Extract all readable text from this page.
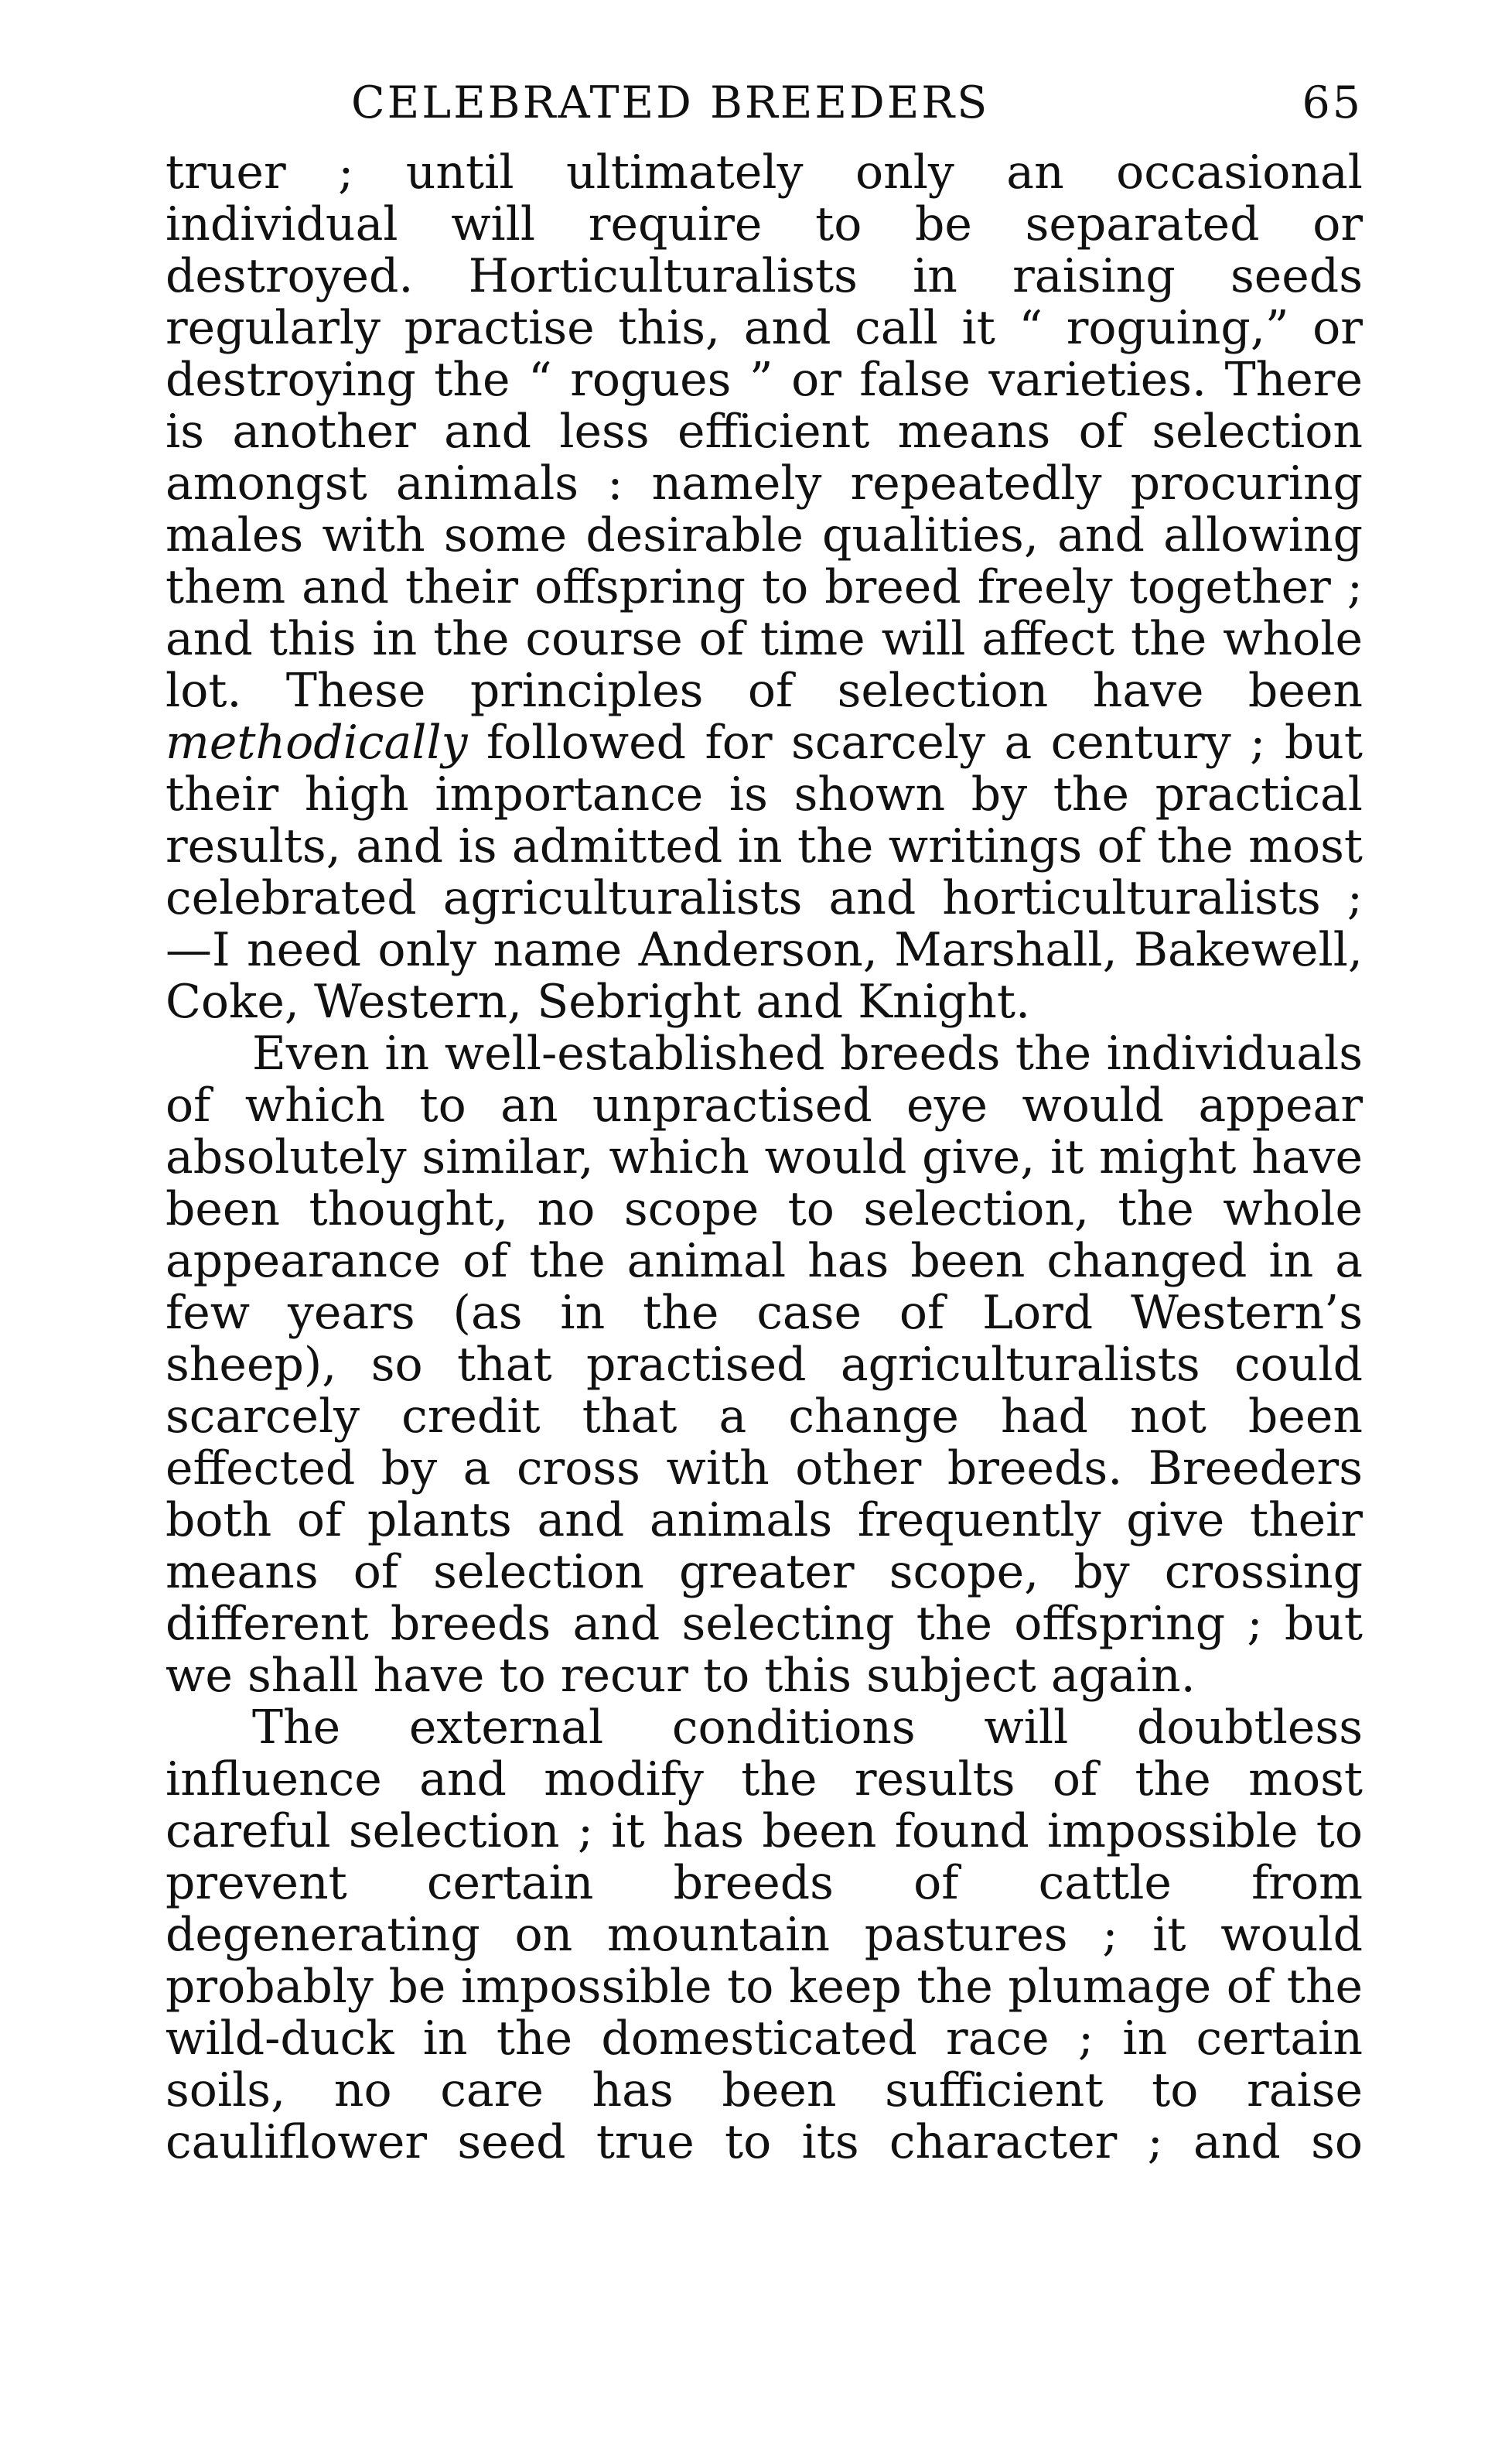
CELEBRATED BREEDERS	65

truer ; until ultimately only an occasional individual will require to be separated or destroyed. Horticulturalists in raising seeds regularly practise this, and call it “ roguing,” or destroying the “ rogues ” or false varieties. There is another and less efficient means of selection amongst animals : namely repeatedly procuring males with some desirable qualities, and allowing them and their offspring to breed freely together ; and this in the course of time will affect the whole lot. These principles of selection have been methodically followed for scarcely a century ; but their high importance is shown by the practical results, and is admitted in the writings of the most celebrated agriculturalists and horticulturalists ;—I need only name Anderson, Marshall, Bakewell, Coke, Western, Sebright and Knight.

Even in well-established breeds the individuals of which to an unpractised eye would appear absolutely similar, which would give, it might have been thought, no scope to selection, the whole appearance of the animal has been changed in a few years (as in the case of Lord Western’s sheep), so that practised agriculturalists could scarcely credit that a change had not been effected by a cross with other breeds. Breeders both of plants and animals frequently give their means of selection greater scope, by crossing different breeds and selecting the offspring ; but we shall have to recur to this subject again.

The external conditions will doubtless influence and modify the results of the most careful selection ; it has been found impossible to prevent certain breeds of cattle from degenerating on mountain pastures ; it would probably be impossible to keep the plumage of the wild-duck in the domesticated race ; in certain soils, no care has been sufficient to raise cauliflower seed true to its character ; and so
